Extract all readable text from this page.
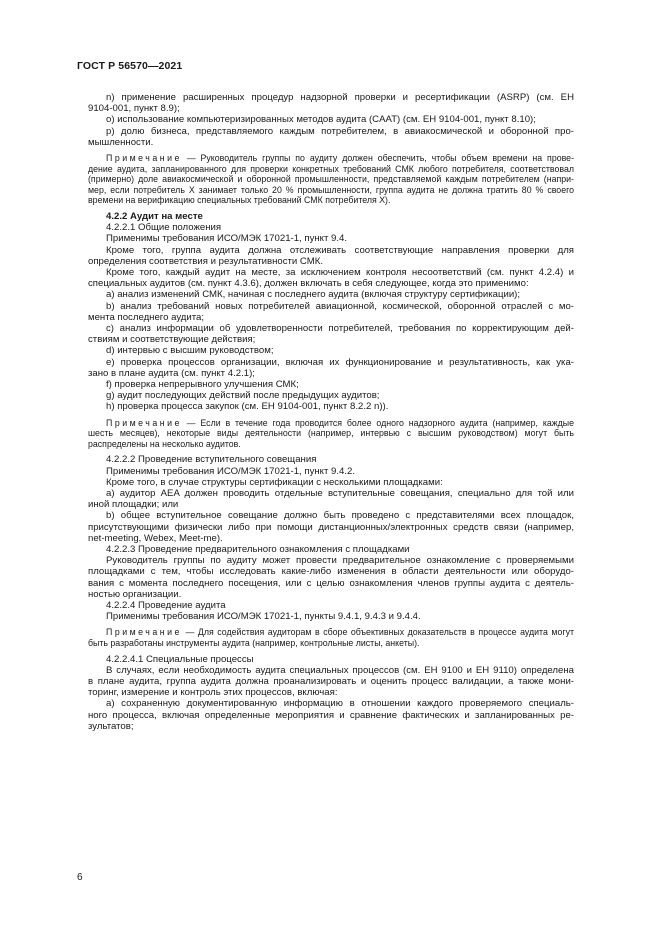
ГОСТ Р 56570—2021
n) применение расширенных процедур надзорной проверки и ресертификации (ASRP) (см. ЕН
9104-001, пункт 8.9);
o) использование компьютеризированных методов аудита (CAAT) (см. ЕН 9104-001, пункт 8.10);
p) долю бизнеса, представляемого каждым потребителем, в авиакосмической и оборонной про-
мышленности.
Примечание — Руководитель группы по аудиту должен обеспечить, чтобы объем времени на прове-
дение аудита, запланированного для проверки конкретных требований СМК любого потребителя, соответствовал
(примерно) доле авиакосмической и оборонной промышленности, представляемой каждым потребителем (напри-
мер, если потребитель X занимает только 20 % промышленности, группа аудита не должна тратить 80 % своего
времени на верификацию специальных требований СМК потребителя X).
4.2.2 Аудит на месте
4.2.2.1 Общие положения
Применимы требования ИСО/МЭК 17021-1, пункт 9.4.
Кроме того, группа аудита должна отслеживать соответствующие направления проверки для
определения соответствия и результативности СМК.
Кроме того, каждый аудит на месте, за исключением контроля несоответствий (см. пункт 4.2.4) и
специальных аудитов (см. пункт 4.3.6), должен включать в себя следующее, когда это применимо:
a) анализ изменений СМК, начиная с последнего аудита (включая структуру сертификации);
b) анализ требований новых потребителей авиационной, космической, оборонной отраслей с мо-
мента последнего аудита;
c) анализ информации об удовлетворенности потребителей, требования по корректирующим дей-
ствиям и соответствующие действия;
d) интервью с высшим руководством;
e) проверка процессов организации, включая их функционирование и результативность, как ука-
зано в плане аудита (см. пункт 4.2.1);
f) проверка непрерывного улучшения СМК;
g) аудит последующих действий после предыдущих аудитов;
h) проверка процесса закупок (см. ЕН 9104-001, пункт 8.2.2 n)).
Примечание — Если в течение года проводится более одного надзорного аудита (например, каждые
шесть месяцев), некоторые виды деятельности (например, интервью с высшим руководством) могут быть
распределены на несколько аудитов.
4.2.2.2 Проведение вступительного совещания
Применимы требования ИСО/МЭК 17021-1, пункт 9.4.2.
Кроме того, в случае структуры сертификации с несколькими площадками:
a) аудитор AEA должен проводить отдельные вступительные совещания, специально для той или
иной площадки; или
b) общее вступительное совещание должно быть проведено с представителями всех площадок,
присутствующими физически либо при помощи дистанционных/электронных средств связи (например,
net-meeting, Webex, Meet-me).
4.2.2.3 Проведение предварительного ознакомления с площадками
Руководитель группы по аудиту может провести предварительное ознакомление с проверяемыми
площадками с тем, чтобы исследовать какие-либо изменения в области деятельности или оборудо-
вания с момента последнего посещения, или с целью ознакомления членов группы аудита с деятель-
ностью организации.
4.2.2.4 Проведение аудита
Применимы требования ИСО/МЭК 17021-1, пункты 9.4.1, 9.4.3 и 9.4.4.
Примечание — Для содействия аудиторам в сборе объективных доказательств в процессе аудита могут
быть разработаны инструменты аудита (например, контрольные листы, анкеты).
4.2.2.4.1 Специальные процессы
В случаях, если необходимость аудита специальных процессов (см. ЕН 9100 и ЕН 9110) определена
в плане аудита, группа аудита должна проанализировать и оценить процесс валидации, а также мони-
торинг, измерение и контроль этих процессов, включая:
a) сохраненную документированную информацию в отношении каждого проверяемого специаль-
ного процесса, включая определенные мероприятия и сравнение фактических и запланированных ре-
зультатов;
6
